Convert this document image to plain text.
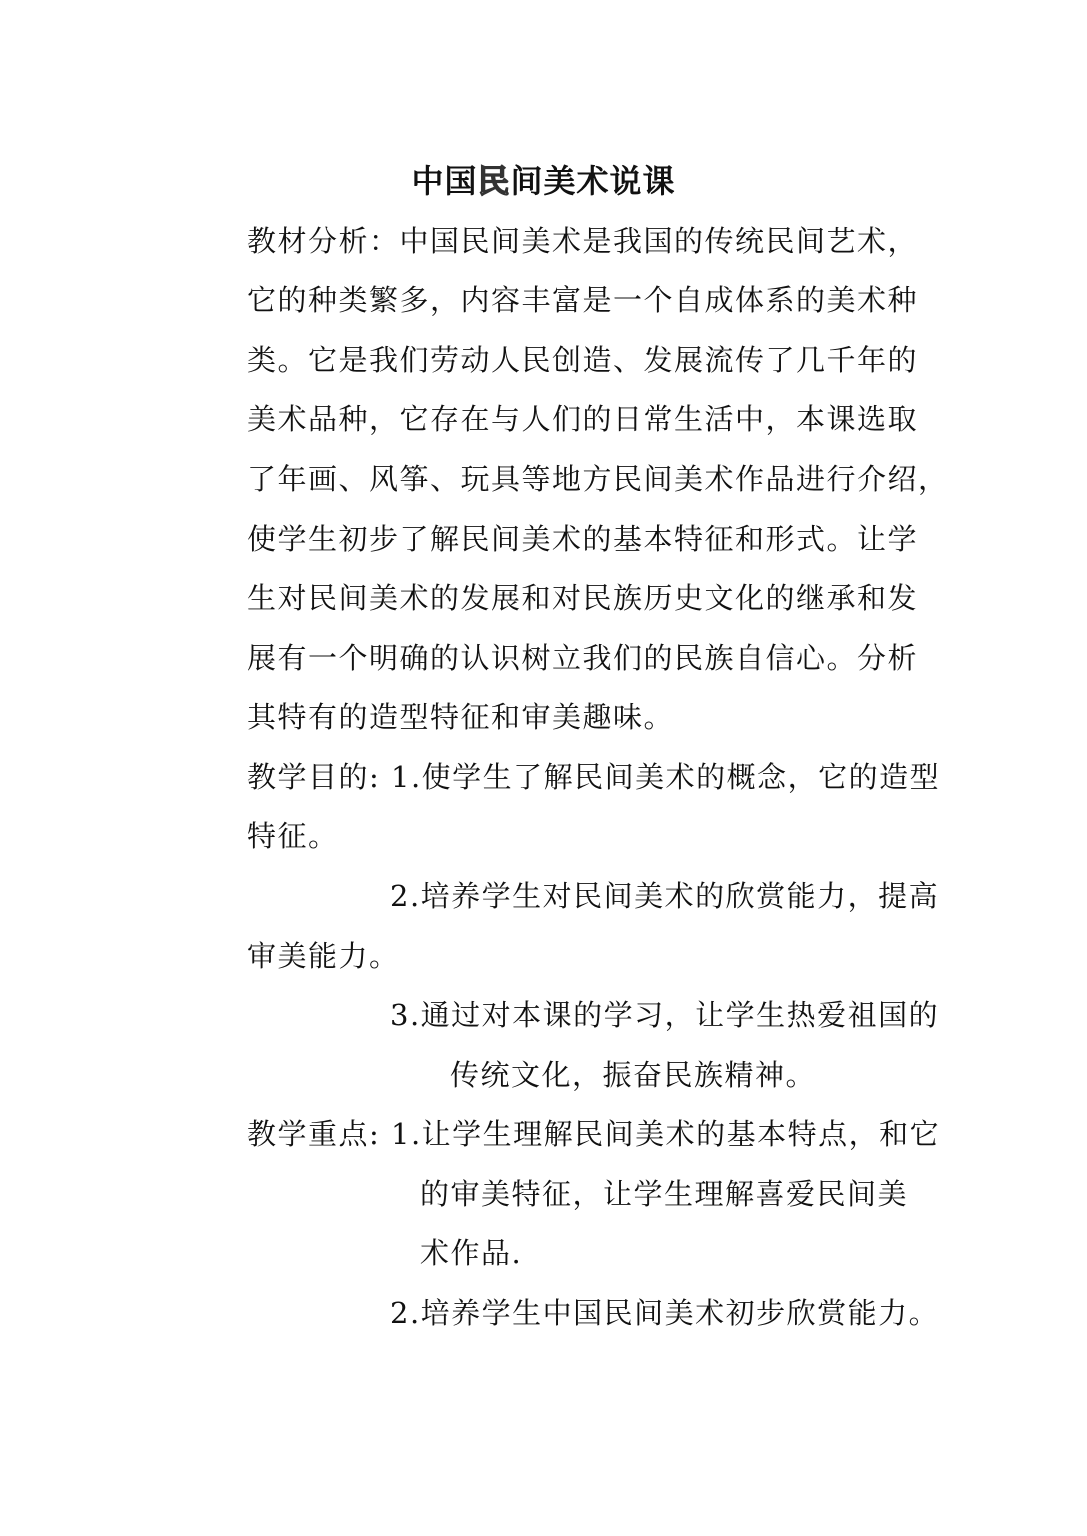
中国民间美术说课
教材分析：中国民间美术是我国的传统民间艺术，
它的种类繁多，内容丰富是一个自成体系的美术种
类。它是我们劳动人民创造、发展流传了几千年的
美术品种，它存在与人们的日常生活中，本课选取
了年画、风筝、玩具等地方民间美术作品进行介绍，
使学生初步了解民间美术的基本特征和形式。让学
生对民间美术的发展和对民族历史文化的继承和发
展有一个明确的认识树立我们的民族自信心。分析
其特有的造型特征和审美趣味。
教学目的: 1.使学生了解民间美术的概念，它的造型
特征。
2.培养学生对民间美术的欣赏能力，提高
审美能力。
3.通过对本课的学习，让学生热爱祖国的
传统文化，振奋民族精神。
教学重点: 1.让学生理解民间美术的基本特点，和它
的审美特征，让学生理解喜爱民间美
术作品.
2.培养学生中国民间美术初步欣赏能力。
